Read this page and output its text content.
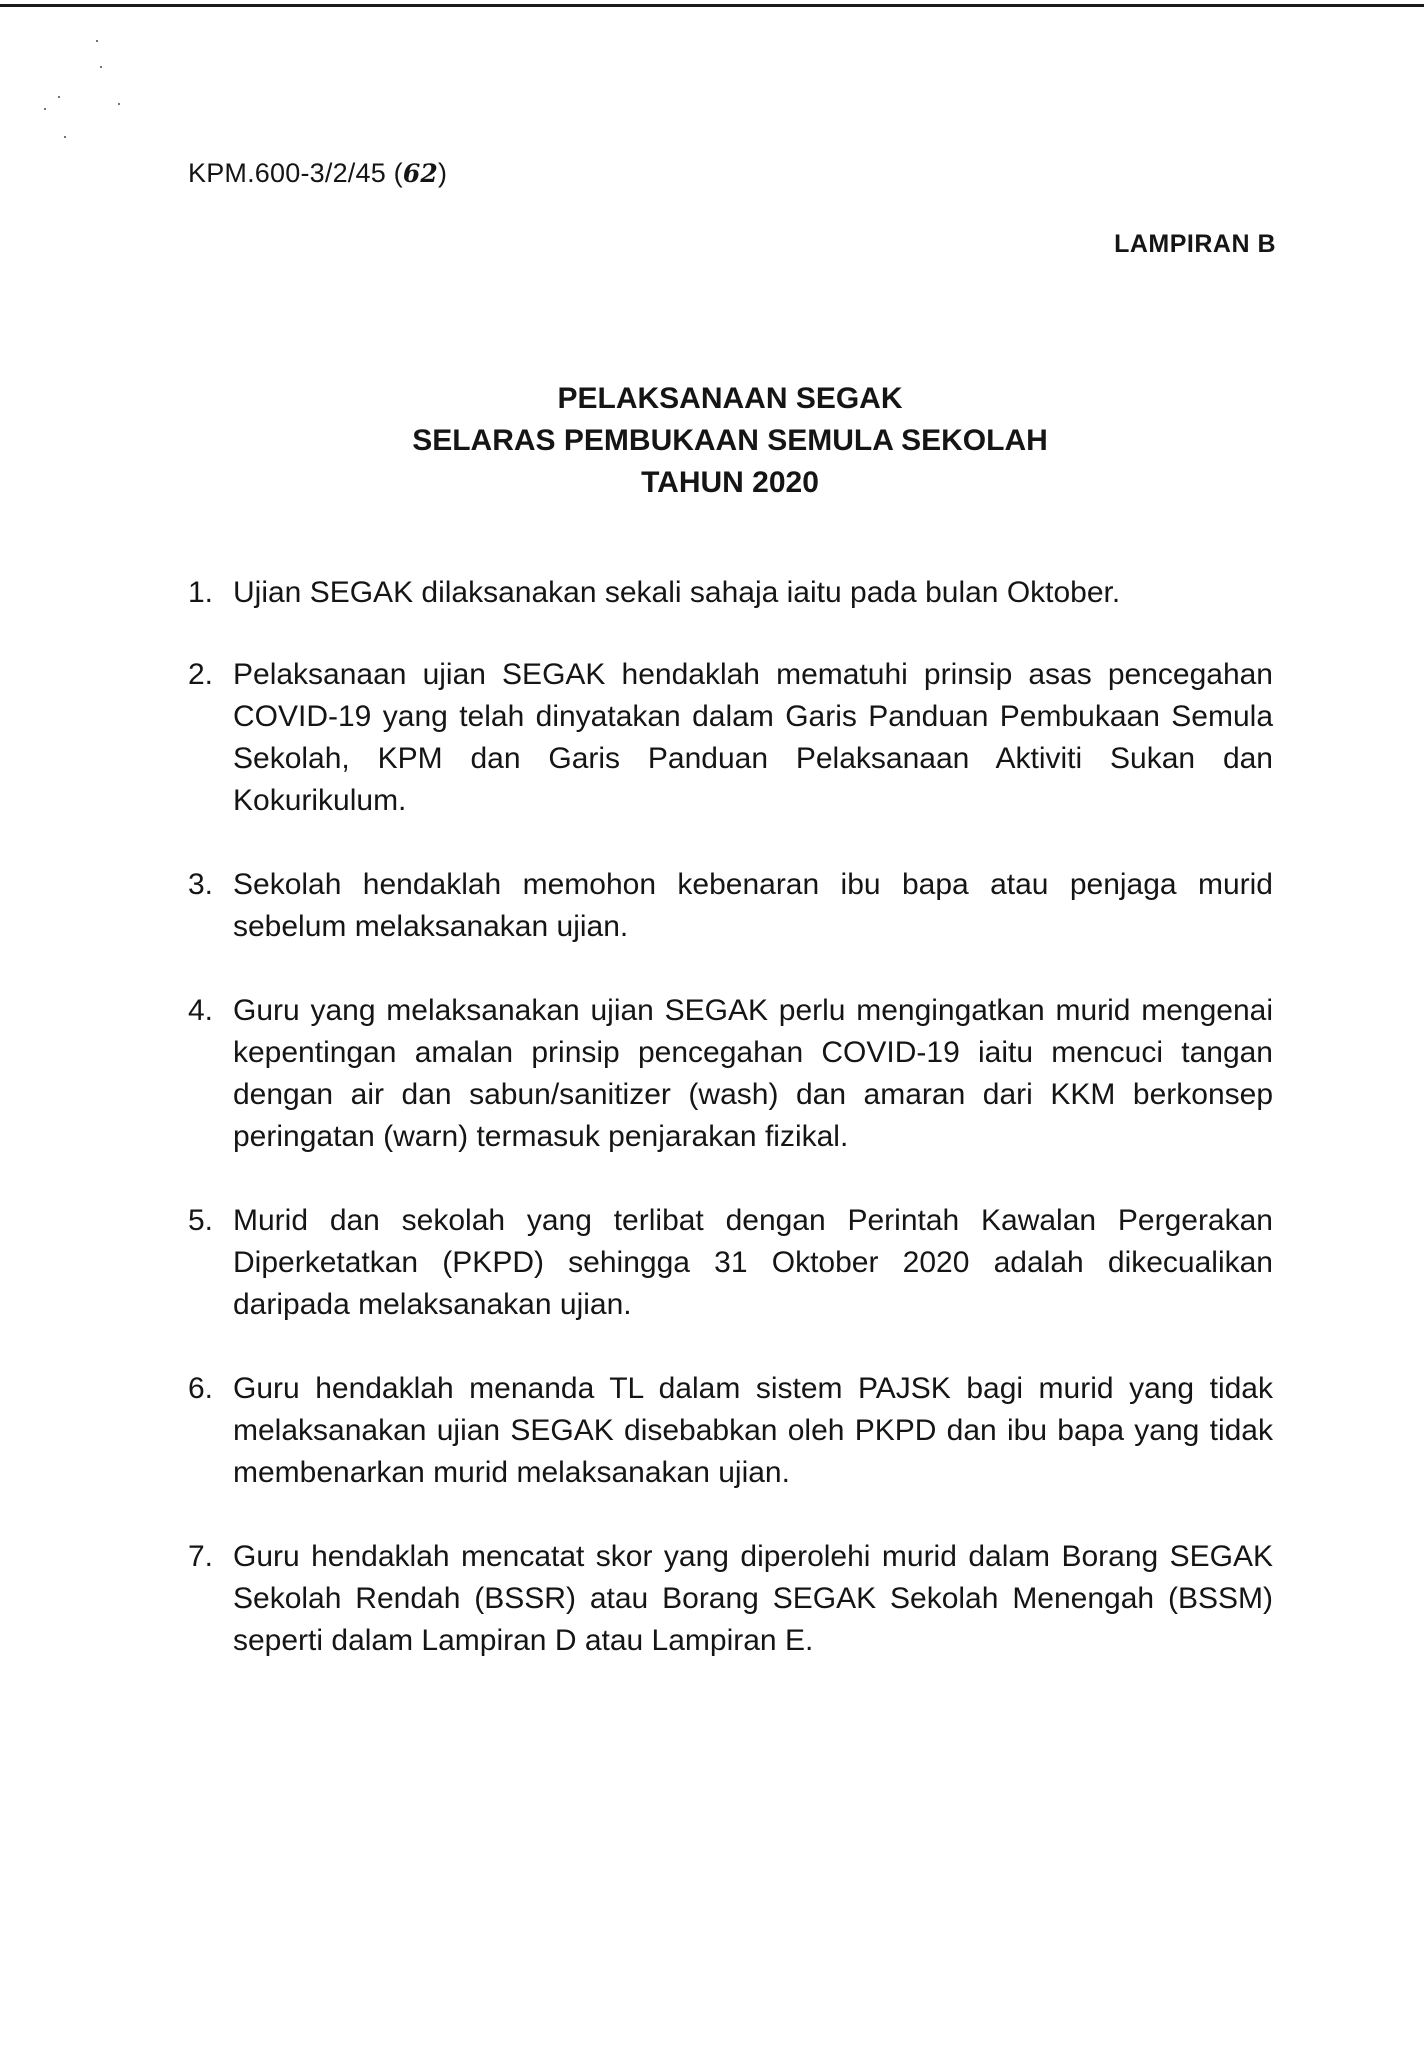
KPM.600-3/2/45 (62)
LAMPIRAN B
PELAKSANAAN SEGAK
SELARAS PEMBUKAAN SEMULA SEKOLAH
TAHUN 2020
1. Ujian SEGAK dilaksanakan sekali sahaja iaitu pada bulan Oktober.
2. Pelaksanaan ujian SEGAK hendaklah mematuhi prinsip asas pencegahan COVID-19 yang telah dinyatakan dalam Garis Panduan Pembukaan Semula Sekolah, KPM dan Garis Panduan Pelaksanaan Aktiviti Sukan dan Kokurikulum.
3. Sekolah hendaklah memohon kebenaran ibu bapa atau penjaga murid sebelum melaksanakan ujian.
4. Guru yang melaksanakan ujian SEGAK perlu mengingatkan murid mengenai kepentingan amalan prinsip pencegahan COVID-19 iaitu mencuci tangan dengan air dan sabun/sanitizer (wash) dan amaran dari KKM berkonsep peringatan (warn) termasuk penjarakan fizikal.
5. Murid dan sekolah yang terlibat dengan Perintah Kawalan Pergerakan Diperketatkan (PKPD) sehingga 31 Oktober 2020 adalah dikecualikan daripada melaksanakan ujian.
6. Guru hendaklah menanda TL dalam sistem PAJSK bagi murid yang tidak melaksanakan ujian SEGAK disebabkan oleh PKPD dan ibu bapa yang tidak membenarkan murid melaksanakan ujian.
7. Guru hendaklah mencatat skor yang diperolehi murid dalam Borang SEGAK Sekolah Rendah (BSSR) atau Borang SEGAK Sekolah Menengah (BSSM) seperti dalam Lampiran D atau Lampiran E.
